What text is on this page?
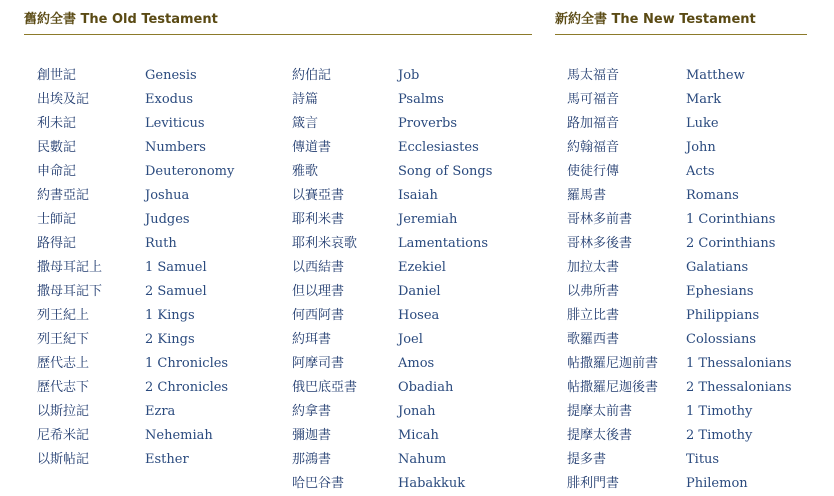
舊約全書 The Old Testament
創世記
出埃及記
利未記
民數記
申命記
約書亞記
士師記
路得記
撒母耳記上
撒母耳記下
列王紀上
列王紀下
歷代志上
歷代志下
以斯拉記
尼希米記
以斯帖記
Genesis
Exodus
Leviticus
Numbers
Deuteronomy
Joshua
Judges
Ruth
1 Samuel
2 Samuel
1 Kings
2 Kings
1 Chronicles
2 Chronicles
Ezra
Nehemiah
Esther
約伯記
詩篇
箴言
傳道書
雅歌
以賽亞書
耶利米書
耶利米哀歌
以西結書
但以理書
何西阿書
約珥書
阿摩司書
俄巴底亞書
約拿書
彌迦書
那鴻書
哈巴谷書
Job
Psalms
Proverbs
Ecclesiastes
Song of Songs
Isaiah
Jeremiah
Lamentations
Ezekiel
Daniel
Hosea
Joel
Amos
Obadiah
Jonah
Micah
Nahum
Habakkuk
新約全書 The New Testament
馬太福音
馬可福音
路加福音
約翰福音
使徒行傳
羅馬書
哥林多前書
哥林多後書
加拉太書
以弗所書
腓立比書
歌羅西書
帖撒羅尼迦前書
帖撒羅尼迦後書
提摩太前書
提摩太後書
提多書
腓利門書
Matthew
Mark
Luke
John
Acts
Romans
1 Corinthians
2 Corinthians
Galatians
Ephesians
Philippians
Colossians
1 Thessalonians
2 Thessalonians
1 Timothy
2 Timothy
Titus
Philemon
